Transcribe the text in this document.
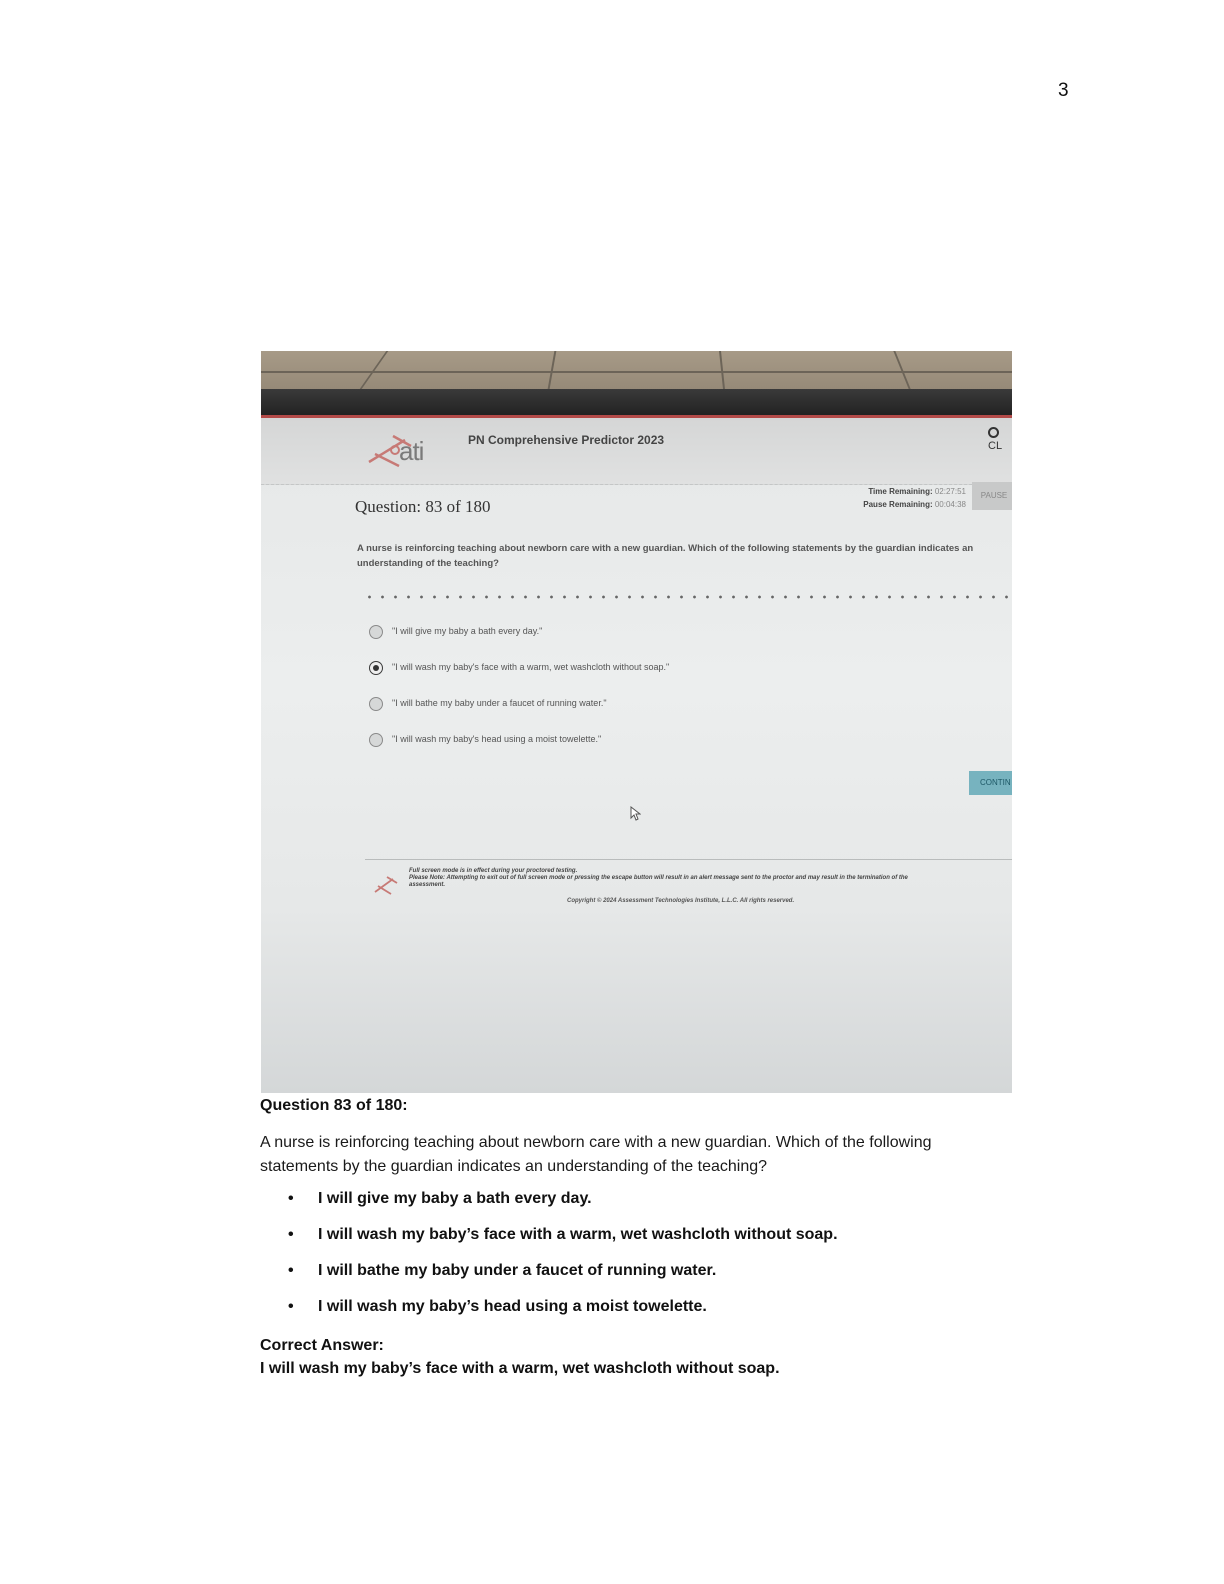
3
ati	PN Comprehensive Predictor 2023	CL
Question: 83 of 180
Time Remaining: 02:27:51
Pause Remaining: 00:04:38
PAUSE
A nurse is reinforcing teaching about newborn care with a new guardian. Which of the following statements by the guardian indicates an understanding of the teaching?
"I will give my baby a bath every day."
"I will wash my baby's face with a warm, wet washcloth without soap."
"I will bathe my baby under a faucet of running water."
"I will wash my baby's head using a moist towelette."
CONTIN
Full screen mode is in effect during your proctored testing.
Please Note: Attempting to exit out of full screen mode or pressing the escape button will result in an alert message sent to the proctor and may result in the termination of the
assessment.
Copyright © 2024 Assessment Technologies Institute, L.L.C. All rights reserved.
Question 83 of 180:
A nurse is reinforcing teaching about newborn care with a new guardian. Which of the following statements by the guardian indicates an understanding of the teaching?
• I will give my baby a bath every day.
• I will wash my baby’s face with a warm, wet washcloth without soap.
• I will bathe my baby under a faucet of running water.
• I will wash my baby’s head using a moist towelette.
Correct Answer:
I will wash my baby’s face with a warm, wet washcloth without soap.
